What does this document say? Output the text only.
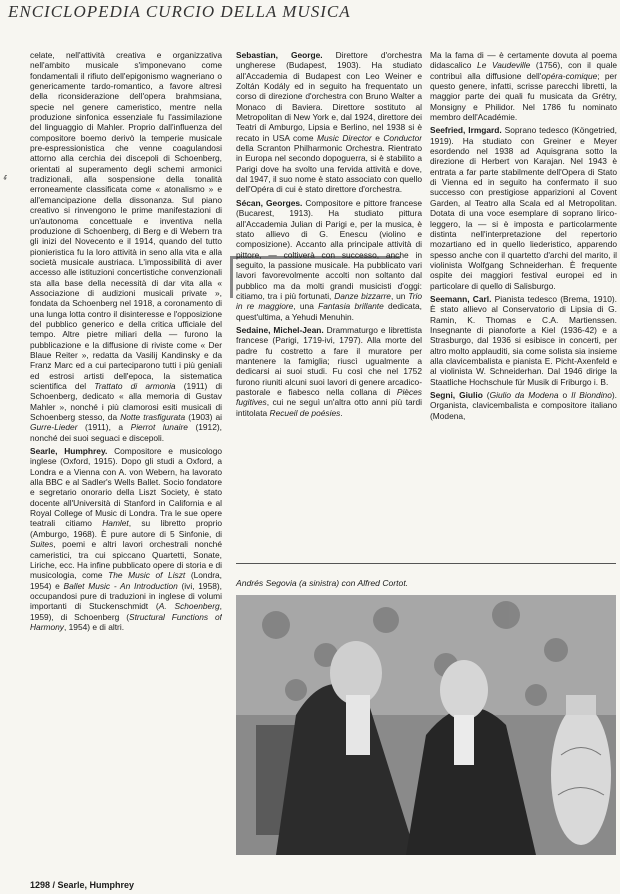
ENCICLOPEDIA CURCIO DELLA MUSICA
ᵳ

celate, nell'attività creativa e organizzativa nell'ambito musicale s'imponevano come fondamentali il rifiuto dell'epigonismo wagneriano o genericamente tardo-romantico, a favore altresì della riconsiderazione dell'opera brahmsiana, specie nel genere cameristico, mentre nella produzione sinfonica essenziale fu l'assimilazione del linguaggio di Mahler. Proprio dall'influenza del compositore boemo derivò la temperie musicale pre-espressionistica che venne coagulandosi attorno alla cerchia dei discepoli di Schoenberg, orientati al superamento degli schemi armonici tradizionali, alla sospensione della tonalità erroneamente classificata come « atonalismo » e all'emancipazione della dissonanza. Sul piano creativo si rinvengono le prime manifestazioni di un'autonoma concettuale e inventiva nella produzione di Schoenberg, di Berg e di Webern tra gli inizi del Novecento e il 1914, quando del tutto pionieristica fu la loro attività in seno alla vita e alla società musicale austriaca. L'impossibilità di aver accesso alle istituzioni concertistiche convenzionali sta alla base della necessità di dar vita alla « Associazione di audizioni musicali private », fondata da Schoenberg nel 1918, a coronamento di una lunga lotta contro il disinteresse e l'opposizione del pubblico generico e della critica ufficiale del tempo. Altre pietre miliari della — furono la pubblicazione e la diffusione di riviste come « Der Blaue Reiter », redatta da Vasilij Kandinsky e da Franz Marc ed a cui parteciparono tutti i più geniali ed estrosi artisti dell'epoca, la sistematica scientifica del Trattato di armonia (1911) di Schoenberg, dedicato « alla memoria di Gustav Mahler », nonché i più clamorosi esiti musicali di Schoenberg stesso, da Notte trasfigurata (1903) ai Gurre-Lieder (1911), a Pierrot lunaire (1912), nonché dei suoi seguaci e discepoli.

Searle, Humphrey. Compositore e musicologo inglese (Oxford, 1915). Dopo gli studi a Oxford, a Londra e a Vienna con A. von Webern, ha lavorato alla BBC e al Sadler's Wells Ballet. Socio fondatore e segretario onorario della Liszt Society, è stato docente all'Università di Stanford in California e al Royal College of Music di Londra. Tra le sue opere teatrali citiamo Hamlet, su libretto proprio (Amburgo, 1968). È pure autore di 5 Sinfonie, di Suites, poemi e altri lavori orchestrali nonché cameristici, tra cui spiccano Quartetti, Sonate, Liriche, ecc. Ha infine pubblicato opere di storia e di musicologia, come The Music of Liszt (Londra, 1954) e Ballet Music - An Introduction (ivi, 1958), occupandosi pure di traduzioni in inglese di volumi importanti di Stuckenschmidt (A. Schoenberg, 1959), di Schoenberg (Structural Functions of Harmony, 1954) e di altri.

Sebastian, George. Direttore d'orchestra ungherese (Budapest, 1903). Ha studiato all'Accademia di Budapest con Leo Weiner e Zoltán Kodály ed in seguito ha frequentato un corso di direzione d'orchestra con Bruno Walter a Monaco di Baviera. Direttore sostituto al Metropolitan di New York e, dal 1924, direttore dei Teatri di Amburgo, Lipsia e Berlino, nel 1938 si è recato in USA come Music Director e Conductor della Scranton Philharmonic Orchestra. Rientrato in Europa nel secondo dopoguerra, si è stabilito a Parigi dove ha svolto una fervida attività e dove, dal 1947, il suo nome è stato associato con quello dell'Opéra di cui è stato direttore d'orchestra.

Sécan, Georges. Compositore e pittore francese (Bucarest, 1913). Ha studiato pittura all'Accademia Julian di Parigi e, per la musica, è stato allievo di G. Enescu (violino e composizione). Accanto alla principale attività di pittore, — coltiverà con successo, anche in seguito, la passione musicale. Ha pubblicato vari lavori favorevolmente accolti non soltanto dal pubblico ma da molti grandi musicisti d'oggi: citiamo, tra i più fortunati, Danze bizzarre, un Trio in re maggiore, una Fantasia brillante dedicata, quest'ultima, a Yehudi Menuhin.

Sedaine, Michel-Jean. Drammaturgo e librettista francese (Parigi, 1719-ivi, 1797). Alla morte del padre fu costretto a fare il muratore per mantenere la famiglia; riuscì ugualmente a dedicarsi ai suoi studi. Fu così che nel 1752 furono riuniti alcuni suoi lavori di genere arcadico-pastorale e fiabesco nella collana di Pièces fugitives, cui ne seguì un'altra otto anni più tardi intitolata Recueil de poésies.

Ma la fama di — è certamente dovuta al poema didascalico Le Vaudeville (1756), con il quale contribuì alla diffusione dell'opéra-comique; per questo genere, infatti, scrisse parecchi libretti, la maggior parte dei quali fu musicata da Grétry, Monsigny e Philidor. Nel 1786 fu nominato membro dell'Académie.

Seefried, Irmgard. Soprano tedesco (Köngetried, 1919). Ha studiato con Greiner e Meyer esordendo nel 1938 ad Aquisgrana sotto la direzione di Herbert von Karajan. Nel 1943 è entrata a far parte stabilmente dell'Opera di Stato di Vienna ed in seguito ha confermato il suo successo con prestigiose apparizioni al Covent Garden, al Teatro alla Scala ed al Metropolitan. Dotata di una voce esemplare di soprano lirico-leggero, la — si è imposta e particolarmente distinta nell'interpretazione del repertorio mozartiano ed in quello liederistico, apparendo spesso anche con il quartetto d'archi del marito, il violinista Wolfgang Schneiderhan. È frequente ospite dei maggiori festival europei ed in particolare di quello di Salisburgo.

Seemann, Carl. Pianista tedesco (Brema, 1910). È stato allievo al Conservatorio di Lipsia di G. Ramin, K. Thomas e C.A. Martienssen. Insegnante di pianoforte a Kiel (1936-42) e a Strasburgo, dal 1936 si esibisce in concerti, per altro molto applauditi, sia come solista sia insieme alla clavicembalista e pianista E. Picht-Axenfeld e al violinista W. Schneiderhan. Dal 1946 dirige la Staatliche Hochschule für Musik di Friburgo i. B.

Segni, Giulio (Giulio da Modena o Il Biondino). Organista, clavicembalista e compositore italiano (Modena,

Andrés Segovia (a sinistra) con Alfred Cortot.
1298 / Searle, Humphrey
